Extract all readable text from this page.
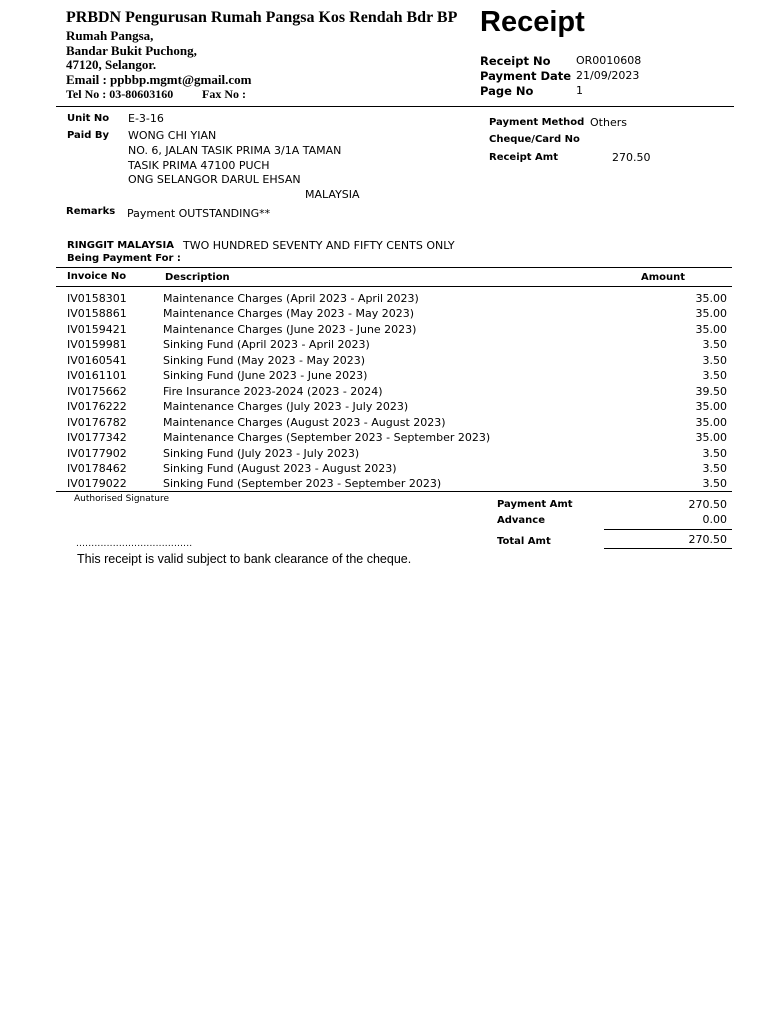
PRBDN Pengurusan Rumah Pangsa Kos Rendah Bdr BP
Rumah Pangsa,
Bandar Bukit Puchong,
47120, Selangor.
Email : ppbbp.mgmt@gmail.com
Tel No : 03-80603160 Fax No :
Receipt
Receipt No OR0010608
Payment Date 21/09/2023
Page No	1
Unit No E-3-16
Paid By WONG CHI YIAN
NO. 6, JALAN TASIK PRIMA 3/1A TAMAN
TASIK PRIMA 47100 PUCH
ONG SELANGOR DARUL EHSAN
MALAYSIA
Remarks Payment OUTSTANDING**
Payment Method Others
Cheque/Card No
Receipt Amt	270.50
RINGGIT MALAYSIA TWO HUNDRED SEVENTY AND FIFTY CENTS ONLY
Being Payment For :
Invoice No	Description	Amount
IV0158301	Maintenance Charges (April 2023 - April 2023)	35.00
IV0158861	Maintenance Charges (May 2023 - May 2023)	35.00
IV0159421	Maintenance Charges (June 2023 - June 2023)	35.00
IV0159981	Sinking Fund (April 2023 - April 2023)	3.50
IV0160541	Sinking Fund (May 2023 - May 2023)	3.50
IV0161101	Sinking Fund (June 2023 - June 2023)	3.50
IV0175662	Fire Insurance 2023-2024 (2023 - 2024)	39.50
IV0176222	Maintenance Charges (July 2023 - July 2023)	35.00
IV0176782	Maintenance Charges (August 2023 - August 2023)	35.00
IV0177342	Maintenance Charges (September 2023 - September 2023)	35.00
IV0177902	Sinking Fund (July 2023 - July 2023)	3.50
IV0178462	Sinking Fund (August 2023 - August 2023)	3.50
IV0179022	Sinking Fund (September 2023 - September 2023)	3.50
Authorised Signature
......................................
This receipt is valid subject to bank clearance of the cheque.
Payment Amt	270.50
Advance	0.00
Total Amt	270.50
